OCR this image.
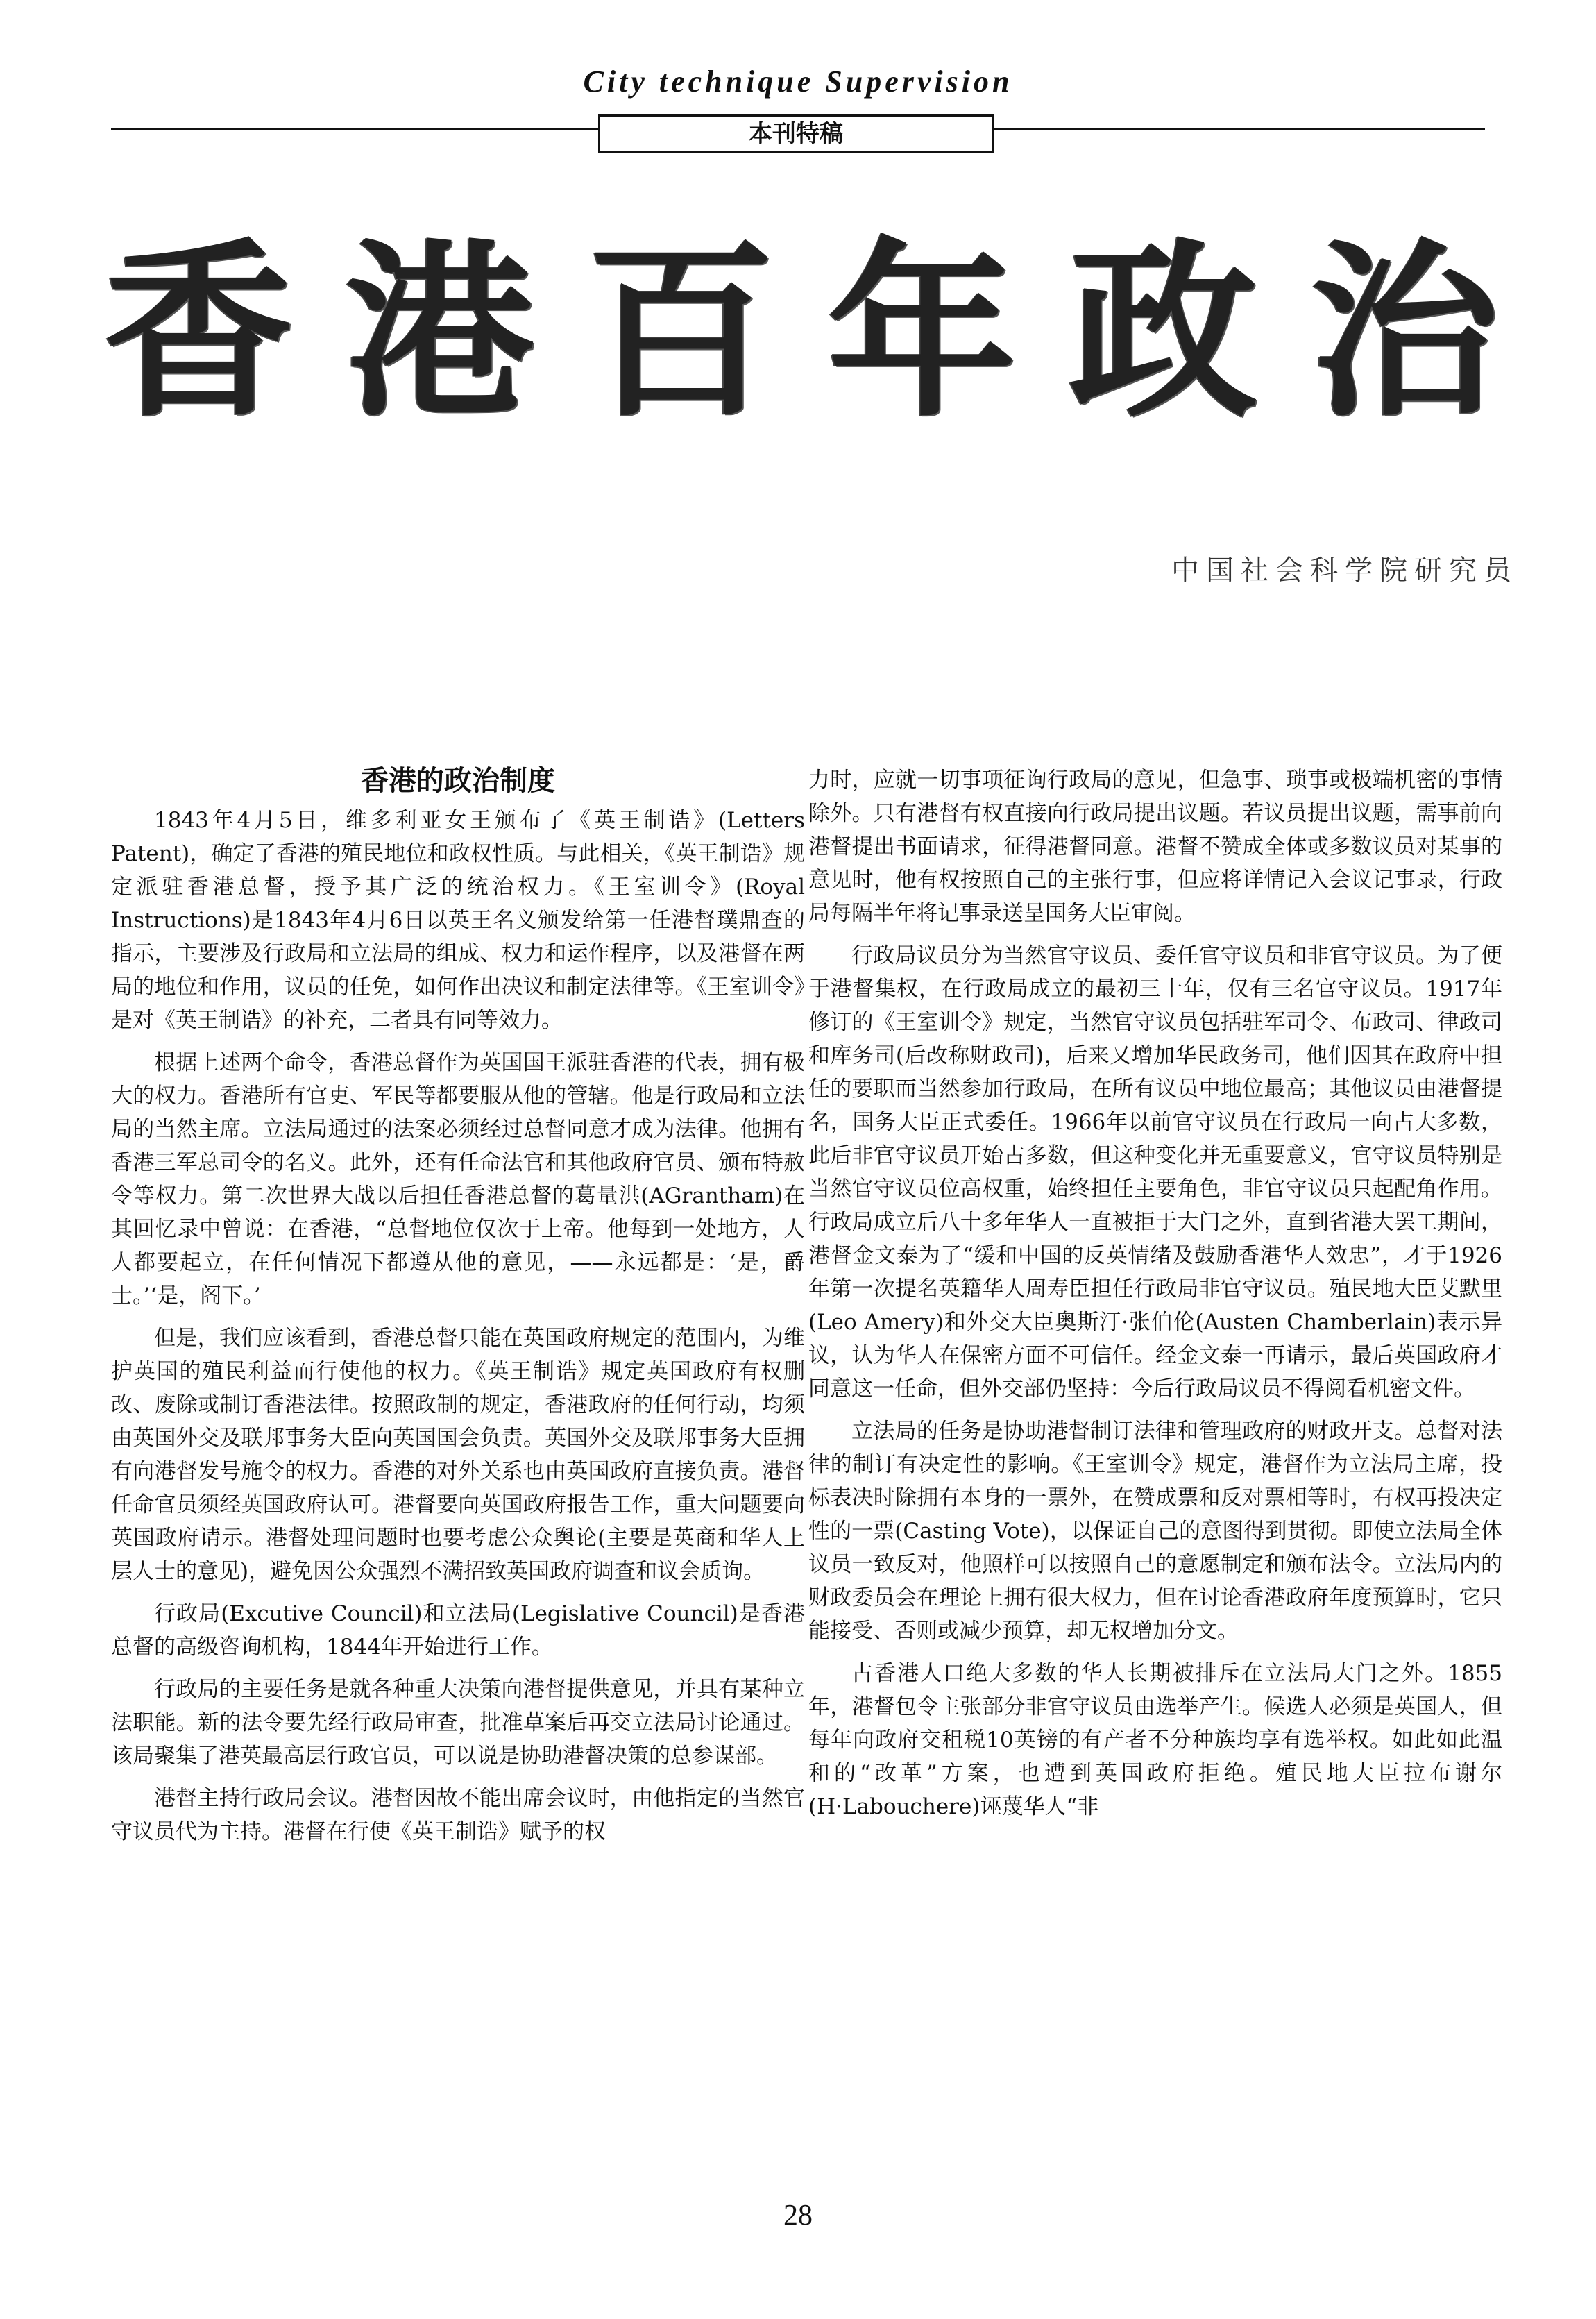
City technique Supervision
本刊特稿
香 港 百 年 政 治

中国社会科学院研究员

香港的政治制度

1843年4月5日，维多利亚女王颁布了《英王制诰》(Letters Patent)，确定了香港的殖民地位和政权性质。与此相关，《英王制诰》规定派驻香港总督，授予其广泛的统治权力。《王室训令》(Royal Instructions)是1843年4月6日以英王名义颁发给第一任港督璞鼎查的指示，主要涉及行政局和立法局的组成、权力和运作程序，以及港督在两局的地位和作用，议员的任免，如何作出决议和制定法律等。《王室训令》是对《英王制诰》的补充，二者具有同等效力。

根据上述两个命令，香港总督作为英国国王派驻香港的代表，拥有极大的权力。香港所有官吏、军民等都要服从他的管辖。他是行政局和立法局的当然主席。立法局通过的法案必须经过总督同意才成为法律。他拥有香港三军总司令的名义。此外，还有任命法官和其他政府官员、颁布特赦令等权力。第二次世界大战以后担任香港总督的葛量洪(AGrantham)在其回忆录中曾说：在香港，“总督地位仅次于上帝。他每到一处地方，人人都要起立，在任何情况下都遵从他的意见，——永远都是：‘是，爵士。’‘是，阁下。’

但是，我们应该看到，香港总督只能在英国政府规定的范围内，为维护英国的殖民利益而行使他的权力。《英王制诰》规定英国政府有权删改、废除或制订香港法律。按照政制的规定，香港政府的任何行动，均须由英国外交及联邦事务大臣向英国国会负责。英国外交及联邦事务大臣拥有向港督发号施令的权力。香港的对外关系也由英国政府直接负责。港督任命官员须经英国政府认可。港督要向英国政府报告工作，重大问题要向英国政府请示。港督处理问题时也要考虑公众舆论(主要是英商和华人上层人士的意见)，避免因公众强烈不满招致英国政府调查和议会质询。

行政局(Excutive Council)和立法局(Legislative Council)是香港总督的高级咨询机构，1844年开始进行工作。

行政局的主要任务是就各种重大决策向港督提供意见，并具有某种立法职能。新的法令要先经行政局审查，批准草案后再交立法局讨论通过。该局聚集了港英最高层行政官员，可以说是协助港督决策的总参谋部。

港督主持行政局会议。港督因故不能出席会议时，由他指定的当然官守议员代为主持。港督在行使《英王制诰》赋予的权

力时，应就一切事项征询行政局的意见，但急事、琐事或极端机密的事情除外。只有港督有权直接向行政局提出议题。若议员提出议题，需事前向港督提出书面请求，征得港督同意。港督不赞成全体或多数议员对某事的意见时，他有权按照自己的主张行事，但应将详情记入会议记事录，行政局每隔半年将记事录送呈国务大臣审阅。

行政局议员分为当然官守议员、委任官守议员和非官守议员。为了便于港督集权，在行政局成立的最初三十年，仅有三名官守议员。1917年修订的《王室训令》规定，当然官守议员包括驻军司令、布政司、律政司和库务司(后改称财政司)，后来又增加华民政务司，他们因其在政府中担任的要职而当然参加行政局，在所有议员中地位最高；其他议员由港督提名，国务大臣正式委任。1966年以前官守议员在行政局一向占大多数，此后非官守议员开始占多数，但这种变化并无重要意义，官守议员特别是当然官守议员位高权重，始终担任主要角色，非官守议员只起配角作用。行政局成立后八十多年华人一直被拒于大门之外，直到省港大罢工期间，港督金文泰为了“缓和中国的反英情绪及鼓励香港华人效忠”，才于1926年第一次提名英籍华人周寿臣担任行政局非官守议员。殖民地大臣艾默里(Leo Amery)和外交大臣奥斯汀·张伯伦(Austen Chamberlain)表示异议，认为华人在保密方面不可信任。经金文泰一再请示，最后英国政府才同意这一任命，但外交部仍坚持：今后行政局议员不得阅看机密文件。

立法局的任务是协助港督制订法律和管理政府的财政开支。总督对法律的制订有决定性的影响。《王室训令》规定，港督作为立法局主席，投标表决时除拥有本身的一票外，在赞成票和反对票相等时，有权再投决定性的一票(Casting Vote)，以保证自己的意图得到贯彻。即使立法局全体议员一致反对，他照样可以按照自己的意愿制定和颁布法令。立法局内的财政委员会在理论上拥有很大权力，但在讨论香港政府年度预算时，它只能接受、否则或减少预算，却无权增加分文。

占香港人口绝大多数的华人长期被排斥在立法局大门之外。1855年，港督包令主张部分非官守议员由选举产生。候选人必须是英国人，但每年向政府交租税10英镑的有产者不分种族均享有选举权。如此如此温和的“改革”方案，也遭到英国政府拒绝。殖民地大臣拉布谢尔(H·Labouchere)诬蔑华人“非

28
